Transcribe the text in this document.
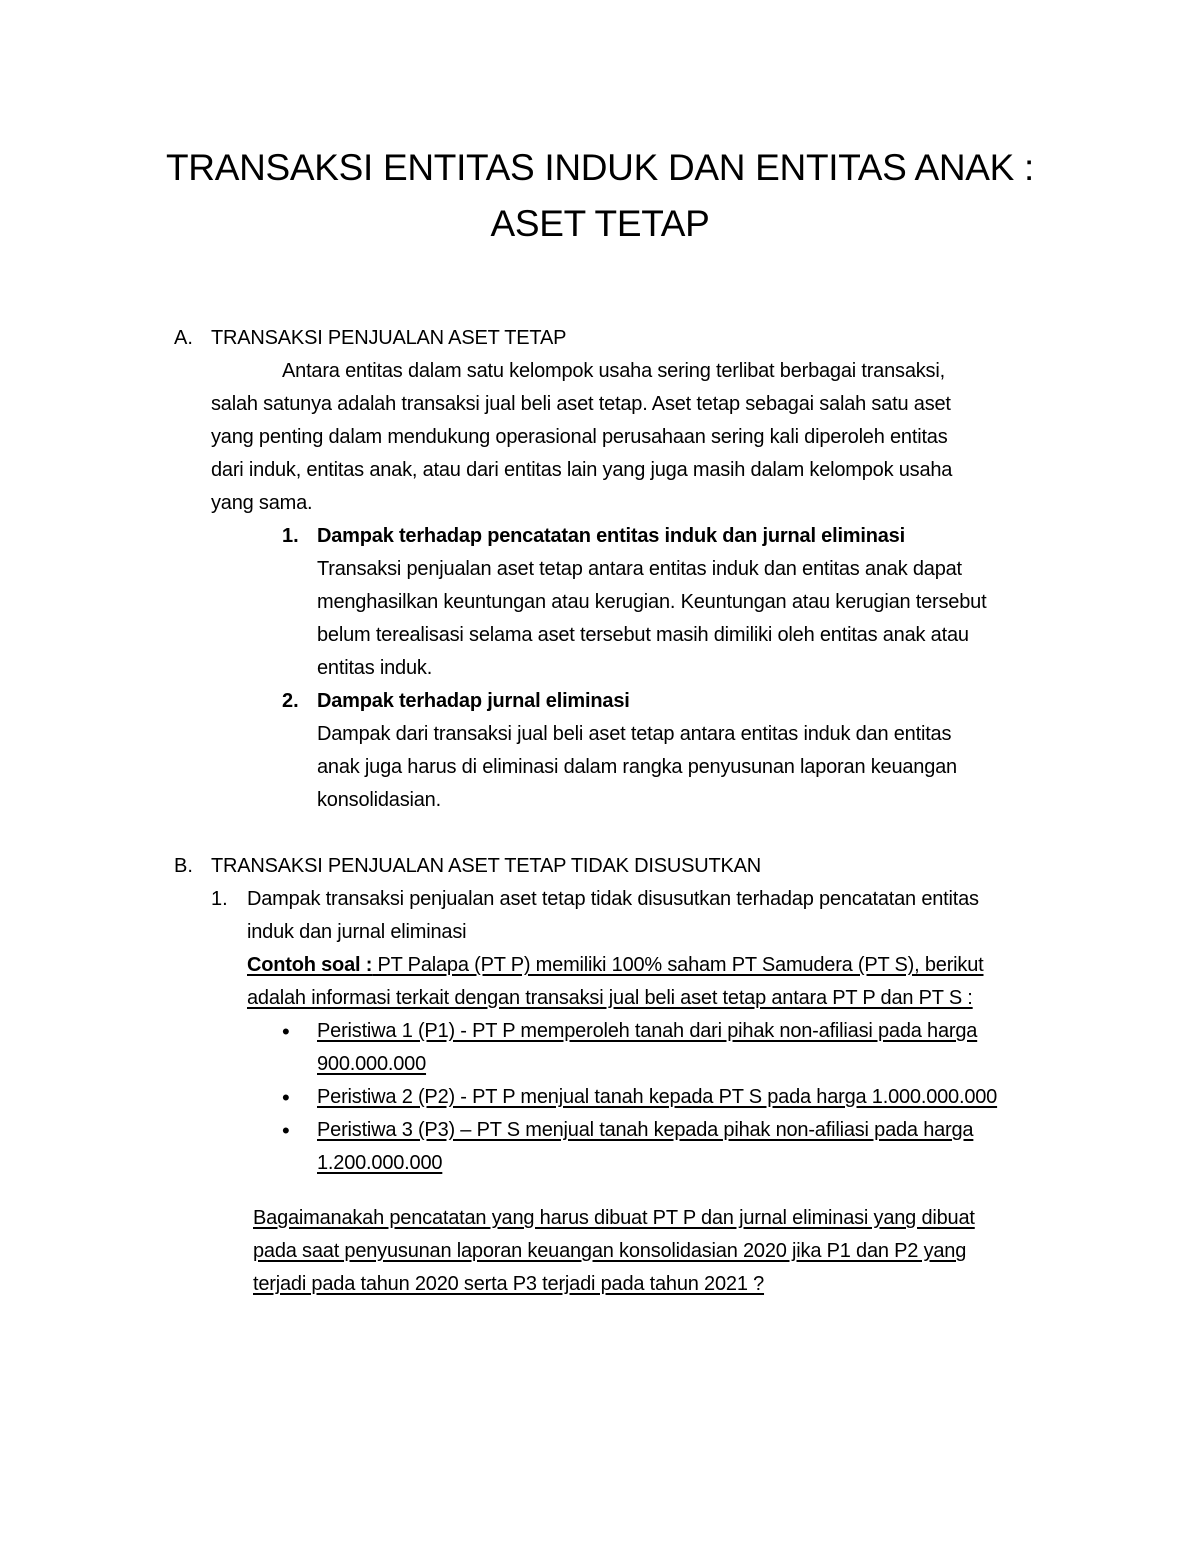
TRANSAKSI ENTITAS INDUK DAN ENTITAS ANAK : ASET TETAP
A. TRANSAKSI PENJUALAN ASET TETAP
Antara entitas dalam satu kelompok usaha sering terlibat berbagai transaksi,
salah satunya adalah transaksi jual beli aset tetap. Aset tetap sebagai salah satu aset
yang penting dalam mendukung operasional perusahaan sering kali diperoleh entitas
dari induk, entitas anak, atau dari entitas lain yang juga masih dalam kelompok usaha
yang sama.
1. Dampak terhadap pencatatan entitas induk dan jurnal eliminasi
Transaksi penjualan aset tetap antara entitas induk dan entitas anak dapat
menghasilkan keuntungan atau kerugian. Keuntungan atau kerugian tersebut
belum terealisasi selama aset tersebut masih dimiliki oleh entitas anak atau
entitas induk.
2. Dampak terhadap jurnal eliminasi
Dampak dari transaksi jual beli aset tetap antara entitas induk dan entitas
anak juga harus di eliminasi dalam rangka penyusunan laporan keuangan
konsolidasian.
B. TRANSAKSI PENJUALAN ASET TETAP TIDAK DISUSUTKAN
1. Dampak transaksi penjualan aset tetap tidak disusutkan terhadap pencatatan entitas
induk dan jurnal eliminasi
Contoh soal : PT Palapa (PT P) memiliki 100% saham PT Samudera (PT S), berikut
adalah informasi terkait dengan transaksi jual beli aset tetap antara PT P dan PT S :
• Peristiwa 1 (P1) - PT P memperoleh tanah dari pihak non-afiliasi pada harga
900.000.000
• Peristiwa 2 (P2) - PT P menjual tanah kepada PT S pada harga 1.000.000.000
• Peristiwa 3 (P3) – PT S menjual tanah kepada pihak non-afiliasi pada harga
1.200.000.000
Bagaimanakah pencatatan yang harus dibuat PT P dan jurnal eliminasi yang dibuat
pada saat penyusunan laporan keuangan konsolidasian 2020 jika P1 dan P2 yang
terjadi pada tahun 2020 serta P3 terjadi pada tahun 2021 ?
